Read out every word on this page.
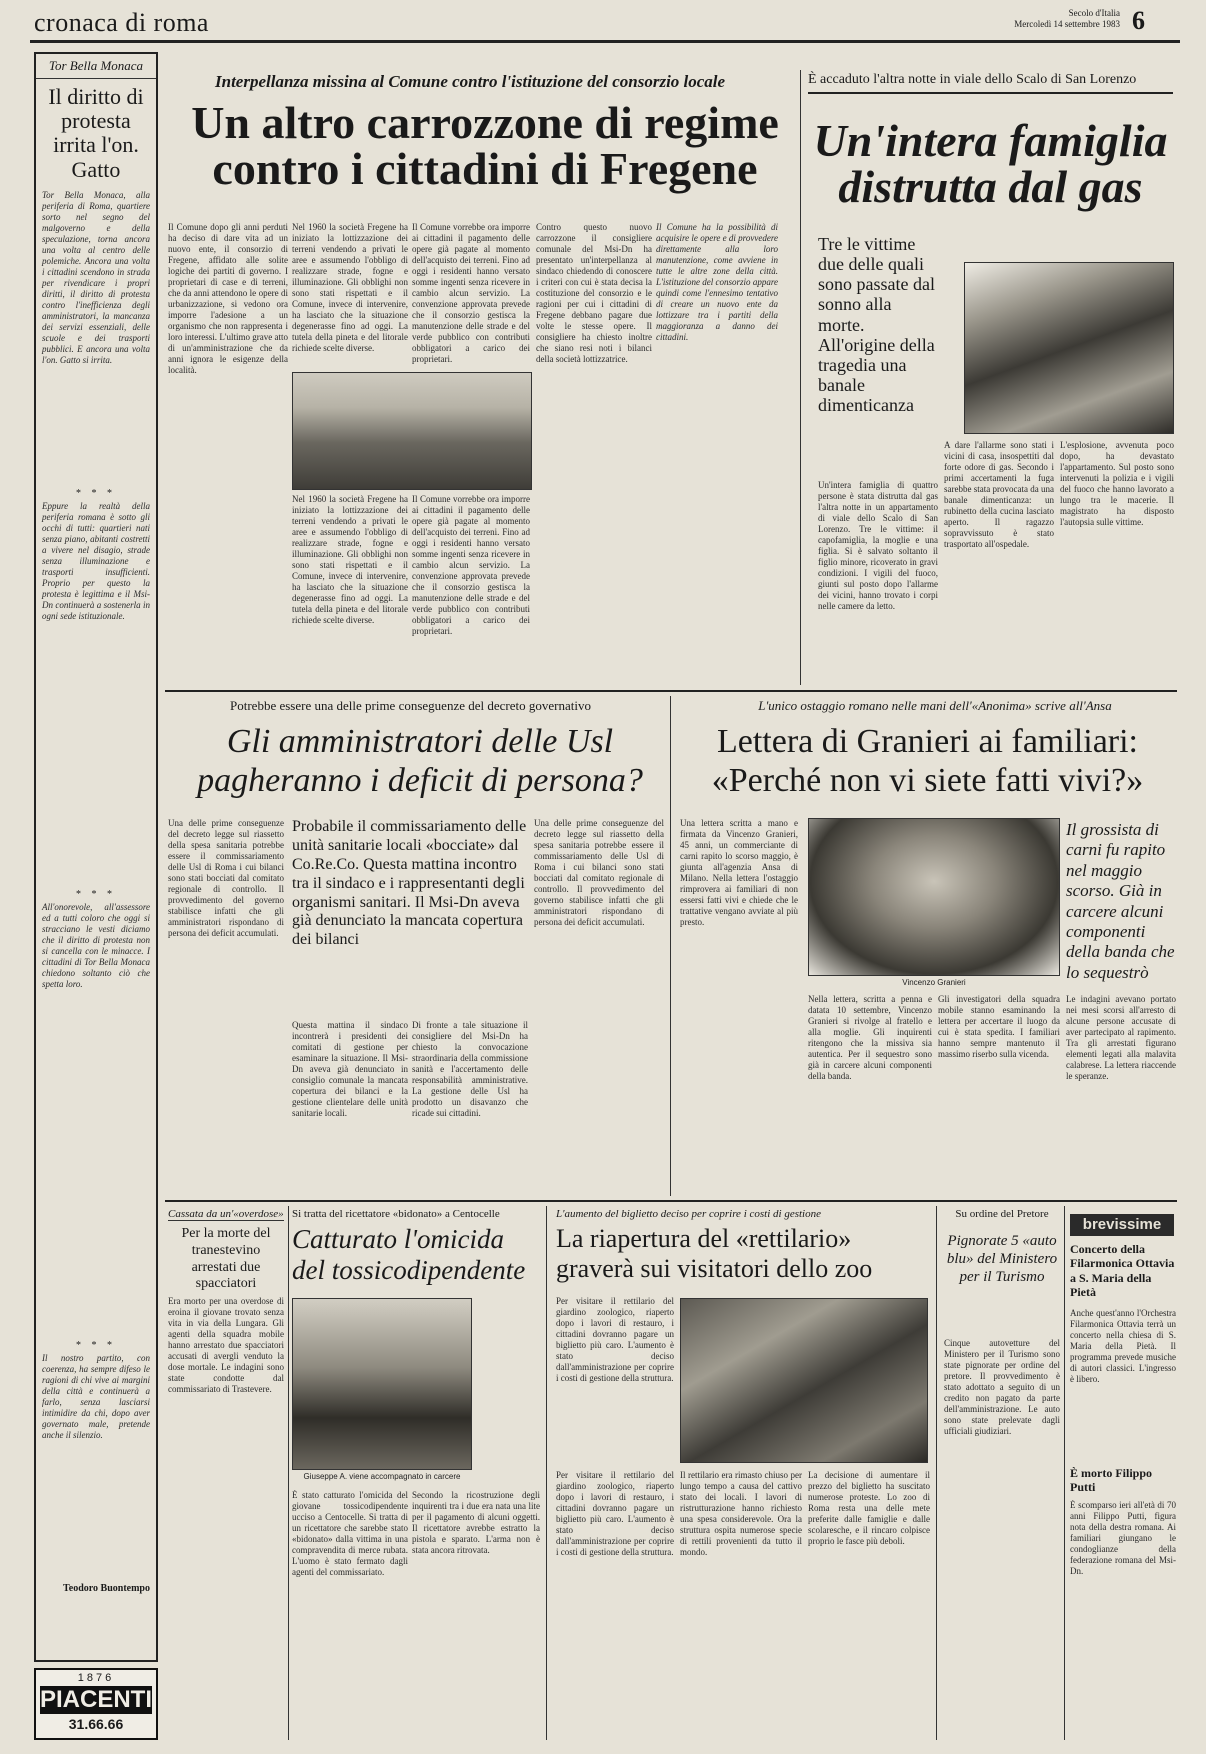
cronaca di roma	Secolo d'Italia
Mercoledì 14 settembre 1983 6
Tor Bella Monaca
Il diritto di protesta irrita l'on. Gatto
Tor Bella Monaca, alla periferia di Roma, quartiere sorto nel segno del malgoverno e della speculazione, torna ancora una volta al centro delle polemiche. Ancora una volta i cittadini scendono in strada per rivendicare i propri diritti, il diritto di protesta contro l'inefficienza degli amministratori, la mancanza dei servizi essenziali, delle scuole e dei trasporti pubblici. E ancora una volta l'on. Gatto si irrita.
* * *
Eppure la realtà della periferia romana è sotto gli occhi di tutti: quartieri nati senza piano, abitanti costretti a vivere nel disagio, strade senza illuminazione e trasporti insufficienti. Proprio per questo la protesta è legittima e il Msi-Dn continuerà a sostenerla in ogni sede istituzionale.
* * *
All'onorevole, all'assessore ed a tutti coloro che oggi si stracciano le vesti diciamo che il diritto di protesta non si cancella con le minacce. I cittadini di Tor Bella Monaca chiedono soltanto ciò che spetta loro.
* * *
Il nostro partito, con coerenza, ha sempre difeso le ragioni di chi vive ai margini della città e continuerà a farlo, senza lasciarsi intimidire da chi, dopo aver governato male, pretende anche il silenzio.
Teodoro Buontempo
1876
PIACENTI
31.66.66
Interpellanza missina al Comune contro l'istituzione del consorzio locale
Un altro carrozzone di regime
contro i cittadini di Fregene
Il Comune dopo gli anni perduti ha deciso di dare vita ad un nuovo ente, il consorzio di Fregene, affidato alle solite logiche dei partiti di governo. I proprietari di case e di terreni, che da anni attendono le opere di urbanizzazione, si vedono ora imporre l'adesione a un organismo che non rappresenta i loro interessi. L'ultimo grave atto di un'amministrazione che da anni ignora le esigenze della località.
Nel 1960 la società Fregene ha iniziato la lottizzazione dei terreni vendendo a privati le aree e assumendo l'obbligo di realizzare strade, fogne e illuminazione. Gli obblighi non sono stati rispettati e il Comune, invece di intervenire, ha lasciato che la situazione degenerasse fino ad oggi. La tutela della pineta e del litorale richiede scelte diverse.
Il Comune vorrebbe ora imporre ai cittadini il pagamento delle opere già pagate al momento dell'acquisto dei terreni. Fino ad oggi i residenti hanno versato somme ingenti senza ricevere in cambio alcun servizio. La convenzione approvata prevede che il consorzio gestisca la manutenzione delle strade e del verde pubblico con contributi obbligatori a carico dei proprietari.
Nel 1960 la società Fregene ha iniziato la lottizzazione dei terreni vendendo a privati le aree e assumendo l'obbligo di realizzare strade, fogne e illuminazione. Gli obblighi non sono stati rispettati e il Comune, invece di intervenire, ha lasciato che la situazione degenerasse fino ad oggi. La tutela della pineta e del litorale richiede scelte diverse.
Il Comune vorrebbe ora imporre ai cittadini il pagamento delle opere già pagate al momento dell'acquisto dei terreni. Fino ad oggi i residenti hanno versato somme ingenti senza ricevere in cambio alcun servizio. La convenzione approvata prevede che il consorzio gestisca la manutenzione delle strade e del verde pubblico con contributi obbligatori a carico dei proprietari.
Contro questo nuovo carrozzone il consigliere comunale del Msi-Dn ha presentato un'interpellanza al sindaco chiedendo di conoscere i criteri con cui è stata decisa la costituzione del consorzio e le ragioni per cui i cittadini di Fregene debbano pagare due volte le stesse opere. Il consigliere ha chiesto inoltre che siano resi noti i bilanci della società lottizzatrice.
Il Comune ha la possibilità di acquisire le opere e di provvedere direttamente alla loro manutenzione, come avviene in tutte le altre zone della città. L'istituzione del consorzio appare quindi come l'ennesimo tentativo di creare un nuovo ente da lottizzare tra i partiti della maggioranza a danno dei cittadini.
È accaduto l'altra notte in viale dello Scalo di San Lorenzo
Un'intera famiglia
distrutta dal gas
Tre le vittime due delle quali sono passate dal sonno alla morte. All'origine della tragedia una banale dimenticanza
Un'intera famiglia di quattro persone è stata distrutta dal gas l'altra notte in un appartamento di viale dello Scalo di San Lorenzo. Tre le vittime: il capofamiglia, la moglie e una figlia. Si è salvato soltanto il figlio minore, ricoverato in gravi condizioni. I vigili del fuoco, giunti sul posto dopo l'allarme dei vicini, hanno trovato i corpi nelle camere da letto.
A dare l'allarme sono stati i vicini di casa, insospettiti dal forte odore di gas. Secondo i primi accertamenti la fuga sarebbe stata provocata da una banale dimenticanza: un rubinetto della cucina lasciato aperto. Il ragazzo sopravvissuto è stato trasportato all'ospedale.
L'esplosione, avvenuta poco dopo, ha devastato l'appartamento. Sul posto sono intervenuti la polizia e i vigili del fuoco che hanno lavorato a lungo tra le macerie. Il magistrato ha disposto l'autopsia sulle vittime.
Potrebbe essere una delle prime conseguenze del decreto governativo
Gli amministratori delle Usl
pagheranno i deficit di persona?
Una delle prime conseguenze del decreto legge sul riassetto della spesa sanitaria potrebbe essere il commissariamento delle Usl di Roma i cui bilanci sono stati bocciati dal comitato regionale di controllo. Il provvedimento del governo stabilisce infatti che gli amministratori rispondano di persona dei deficit accumulati.
Probabile il commissariamento delle unità sanitarie locali «bocciate» dal Co.Re.Co. Questa mattina incontro tra il sindaco e i rappresentanti degli organismi sanitari. Il Msi-Dn aveva già denunciato la mancata copertura dei bilanci
Questa mattina il sindaco incontrerà i presidenti dei comitati di gestione per esaminare la situazione. Il Msi-Dn aveva già denunciato in consiglio comunale la mancata copertura dei bilanci e la gestione clientelare delle unità sanitarie locali.
Di fronte a tale situazione il consigliere del Msi-Dn ha chiesto la convocazione straordinaria della commissione sanità e l'accertamento delle responsabilità amministrative. La gestione delle Usl ha prodotto un disavanzo che ricade sui cittadini.
Una delle prime conseguenze del decreto legge sul riassetto della spesa sanitaria potrebbe essere il commissariamento delle Usl di Roma i cui bilanci sono stati bocciati dal comitato regionale di controllo. Il provvedimento del governo stabilisce infatti che gli amministratori rispondano di persona dei deficit accumulati.
L'unico ostaggio romano nelle mani dell'«Anonima» scrive all'Ansa
Lettera di Granieri ai familiari:
«Perché non vi siete fatti vivi?»
Una lettera scritta a mano e firmata da Vincenzo Granieri, 45 anni, un commerciante di carni rapito lo scorso maggio, è giunta all'agenzia Ansa di Milano. Nella lettera l'ostaggio rimprovera ai familiari di non essersi fatti vivi e chiede che le trattative vengano avviate al più presto.
Vincenzo Granieri
Il grossista di carni fu rapito nel maggio scorso. Già in carcere alcuni componenti della banda che lo sequestrò
Nella lettera, scritta a penna e datata 10 settembre, Vincenzo Granieri si rivolge al fratello e alla moglie. Gli inquirenti ritengono che la missiva sia autentica. Per il sequestro sono già in carcere alcuni componenti della banda.
Gli investigatori della squadra mobile stanno esaminando la lettera per accertare il luogo da cui è stata spedita. I familiari hanno sempre mantenuto il massimo riserbo sulla vicenda.
Le indagini avevano portato nei mesi scorsi all'arresto di alcune persone accusate di aver partecipato al rapimento. Tra gli arrestati figurano elementi legati alla malavita calabrese. La lettera riaccende le speranze.
Cassata da un'«overdose»
Per la morte del tranestevino arrestati due spacciatori
Era morto per una overdose di eroina il giovane trovato senza vita in via della Lungara. Gli agenti della squadra mobile hanno arrestato due spacciatori accusati di avergli venduto la dose mortale. Le indagini sono state condotte dal commissariato di Trastevere.
Si tratta del ricettatore «bidonato» a Centocelle
Catturato l'omicida
del tossicodipendente
Giuseppe A. viene accompagnato in carcere
È stato catturato l'omicida del giovane tossicodipendente ucciso a Centocelle. Si tratta di un ricettatore che sarebbe stato «bidonato» dalla vittima in una compravendita di merce rubata. L'uomo è stato fermato dagli agenti del commissariato.
Secondo la ricostruzione degli inquirenti tra i due era nata una lite per il pagamento di alcuni oggetti. Il ricettatore avrebbe estratto la pistola e sparato. L'arma non è stata ancora ritrovata.
L'aumento del biglietto deciso per coprire i costi di gestione
La riapertura del «rettilario»
graverà sui visitatori dello zoo
Per visitare il rettilario del giardino zoologico, riaperto dopo i lavori di restauro, i cittadini dovranno pagare un biglietto più caro. L'aumento è stato deciso dall'amministrazione per coprire i costi di gestione della struttura.
Per visitare il rettilario del giardino zoologico, riaperto dopo i lavori di restauro, i cittadini dovranno pagare un biglietto più caro. L'aumento è stato deciso dall'amministrazione per coprire i costi di gestione della struttura.
Il rettilario era rimasto chiuso per lungo tempo a causa del cattivo stato dei locali. I lavori di ristrutturazione hanno richiesto una spesa considerevole. Ora la struttura ospita numerose specie di rettili provenienti da tutto il mondo.
La decisione di aumentare il prezzo del biglietto ha suscitato numerose proteste. Lo zoo di Roma resta una delle mete preferite dalle famiglie e dalle scolaresche, e il rincaro colpisce proprio le fasce più deboli.
Su ordine del Pretore
Pignorate 5 «auto blu» del Ministero per il Turismo
Cinque autovetture del Ministero per il Turismo sono state pignorate per ordine del pretore. Il provvedimento è stato adottato a seguito di un credito non pagato da parte dell'amministrazione. Le auto sono state prelevate dagli ufficiali giudiziari.
brevissime
Concerto della Filarmonica Ottavia a S. Maria della Pietà
Anche quest'anno l'Orchestra Filarmonica Ottavia terrà un concerto nella chiesa di S. Maria della Pietà. Il programma prevede musiche di autori classici. L'ingresso è libero.
È morto Filippo Putti
È scomparso ieri all'età di 70 anni Filippo Putti, figura nota della destra romana. Ai familiari giungano le condoglianze della federazione romana del Msi-Dn.
